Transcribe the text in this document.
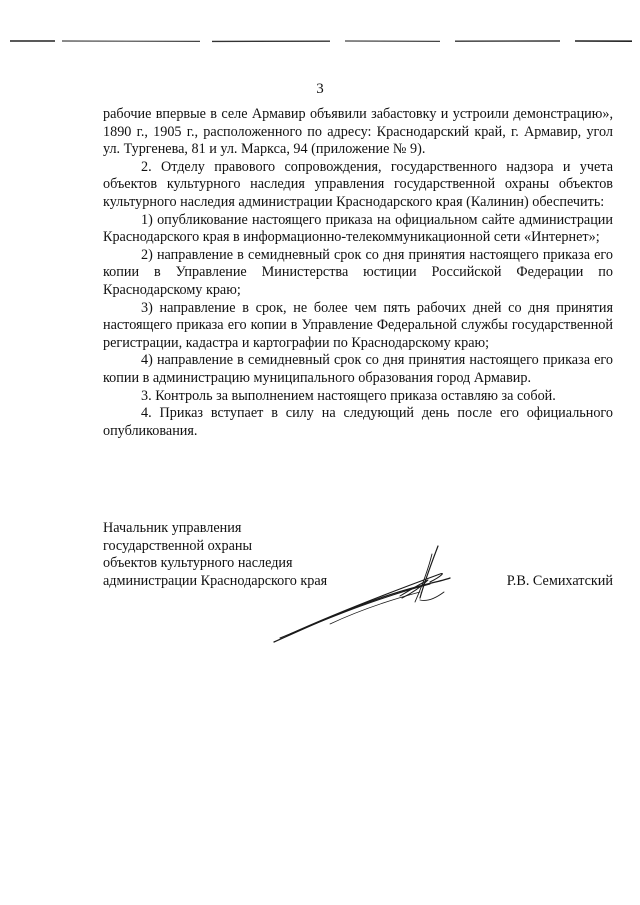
3

рабочие впервые в селе Армавир объявили забастовку и устроили демонстрацию», 1890 г., 1905 г., расположенного по адресу: Краснодарский край, г. Армавир, угол ул. Тургенева, 81 и ул. Маркса, 94 (приложение № 9).

2. Отделу правового сопровождения, государственного надзора и учета объектов культурного наследия управления государственной охраны объектов культурного наследия администрации Краснодарского края (Калинин) обеспечить:

1) опубликование настоящего приказа на официальном сайте администрации Краснодарского края в информационно-телекоммуникационной сети «Интернет»;

2) направление в семидневный срок со дня принятия настоящего приказа его копии в Управление Министерства юстиции Российской Федерации по Краснодарскому краю;

3) направление в срок, не более чем пять рабочих дней со дня принятия настоящего приказа его копии в Управление Федеральной службы государственной регистрации, кадастра и картографии по Краснодарскому краю;

4) направление в семидневный срок со дня принятия настоящего приказа его копии в администрацию муниципального образования город Армавир.

3. Контроль за выполнением настоящего приказа оставляю за собой.

4. Приказ вступает в силу на следующий день после его официального опубликования.

Начальник управления
государственной охраны
объектов культурного наследия
администрации Краснодарского края	Р.В. Семихатский
